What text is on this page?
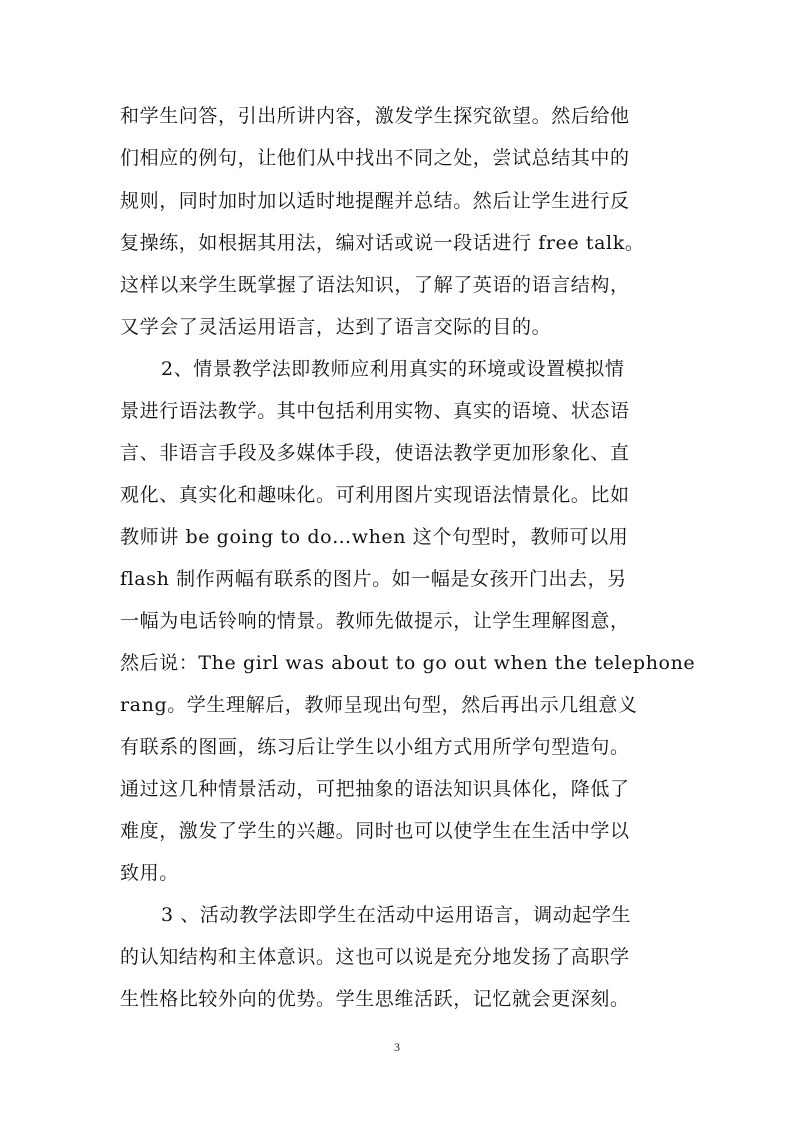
和学生问答，引出所讲内容，激发学生探究欲望。然后给他
们相应的例句，让他们从中找出不同之处，尝试总结其中的
规则，同时加时加以适时地提醒并总结。然后让学生进行反
复操练，如根据其用法，编对话或说一段话进行 free talk。
这样以来学生既掌握了语法知识，了解了英语的语言结构，
又学会了灵活运用语言，达到了语言交际的目的。
2、情景教学法即教师应利用真实的环境或设置模拟情
景进行语法教学。其中包括利用实物、真实的语境、状态语
言、非语言手段及多媒体手段，使语法教学更加形象化、直
观化、真实化和趣味化。可利用图片实现语法情景化。比如
教师讲 be going to do…when 这个句型时，教师可以用
flash 制作两幅有联系的图片。如一幅是女孩开门出去，另
一幅为电话铃响的情景。教师先做提示，让学生理解图意，
然后说：The girl was about to go out when the telephone
rang。学生理解后，教师呈现出句型，然后再出示几组意义
有联系的图画，练习后让学生以小组方式用所学句型造句。
通过这几种情景活动，可把抽象的语法知识具体化，降低了
难度，激发了学生的兴趣。同时也可以使学生在生活中学以
致用。
3 、活动教学法即学生在活动中运用语言，调动起学生
的认知结构和主体意识。这也可以说是充分地发扬了高职学
生性格比较外向的优势。学生思维活跃，记忆就会更深刻。
3
